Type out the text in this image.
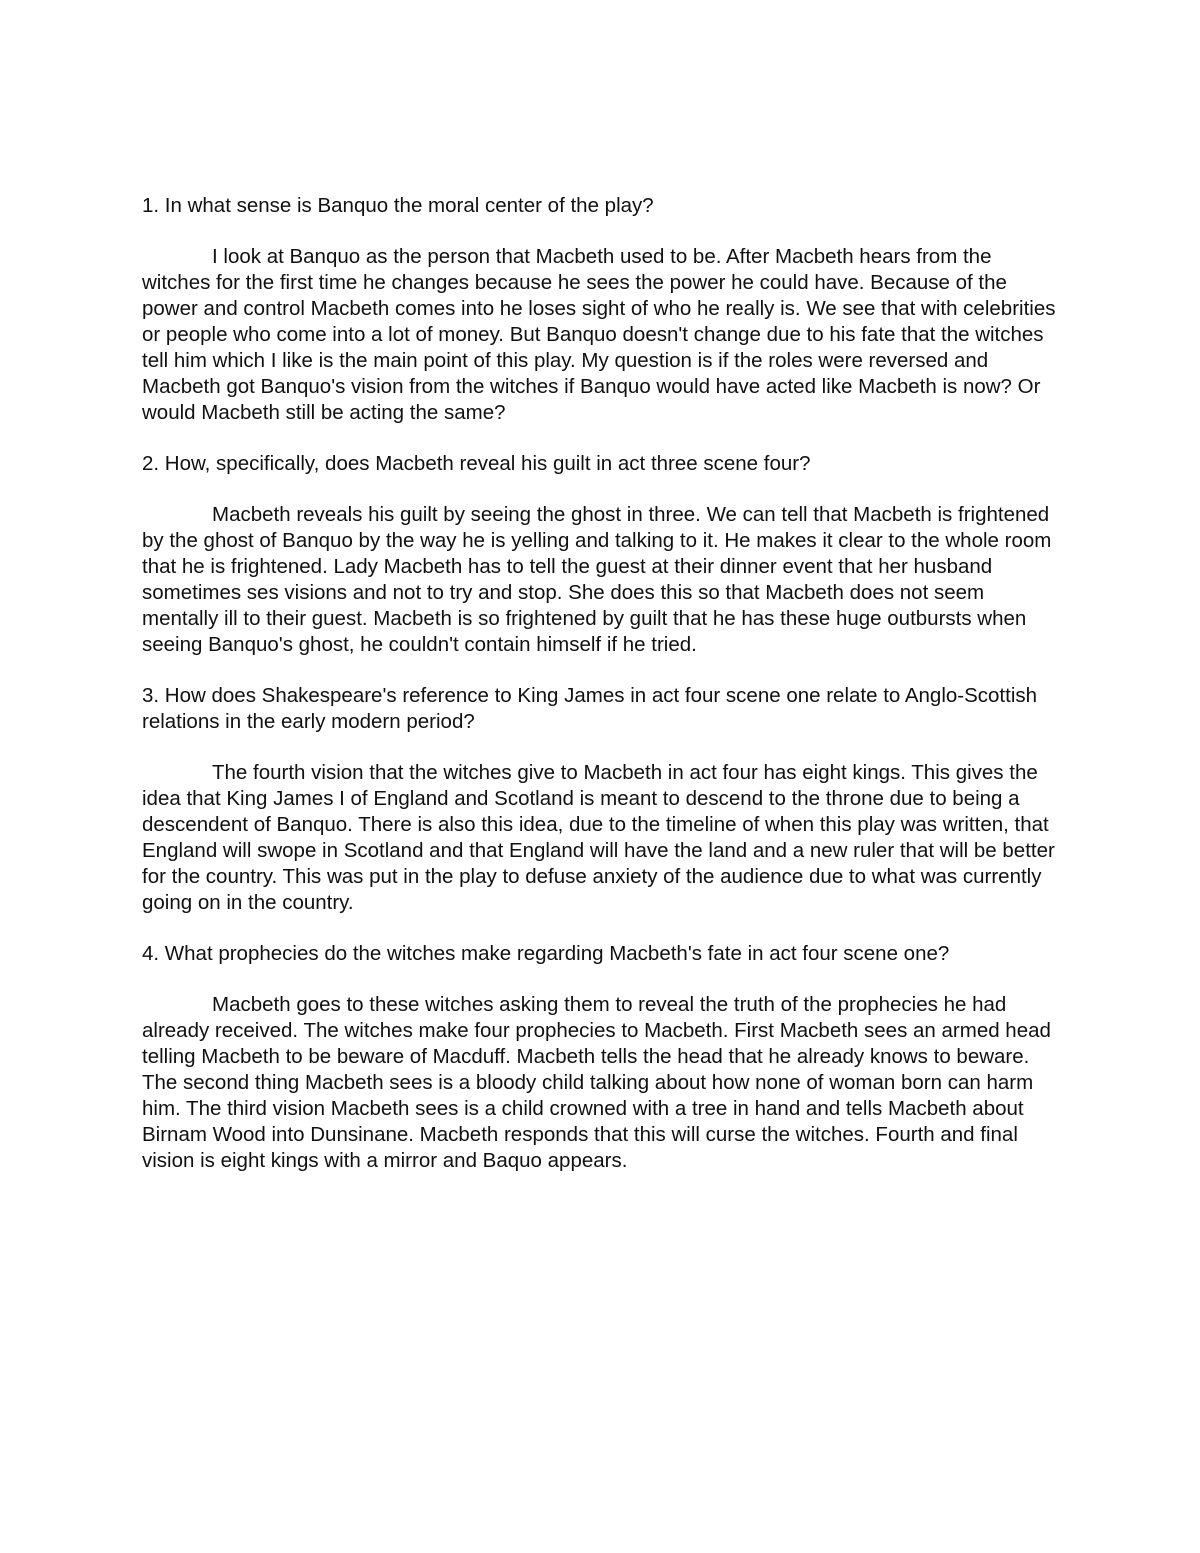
1. In what sense is Banquo the moral center of the play?

I look at Banquo as the person that Macbeth used to be. After Macbeth hears from the witches for the first time he changes because he sees the power he could have. Because of the power and control Macbeth comes into he loses sight of who he really is. We see that with celebrities or people who come into a lot of money. But Banquo doesn't change due to his fate that the witches tell him which I like is the main point of this play. My question is if the roles were reversed and Macbeth got Banquo's vision from the witches if Banquo would have acted like Macbeth is now? Or would Macbeth still be acting the same?

2. How, specifically, does Macbeth reveal his guilt in act three scene four?

Macbeth reveals his guilt by seeing the ghost in three. We can tell that Macbeth is frightened by the ghost of Banquo by the way he is yelling and talking to it. He makes it clear to the whole room that he is frightened. Lady Macbeth has to tell the guest at their dinner event that her husband sometimes ses visions and not to try and stop. She does this so that Macbeth does not seem mentally ill to their guest. Macbeth is so frightened by guilt that he has these huge outbursts when seeing Banquo's ghost, he couldn't contain himself if he tried.

3. How does Shakespeare's reference to King James in act four scene one relate to Anglo-Scottish relations in the early modern period?

The fourth vision that the witches give to Macbeth in act four has eight kings. This gives the idea that King James I of England and Scotland is meant to descend to the throne due to being a descendent of Banquo. There is also this idea, due to the timeline of when this play was written, that England will swope in Scotland and that England will have the land and a new ruler that will be better for the country. This was put in the play to defuse anxiety of the audience due to what was currently going on in the country.

4. What prophecies do the witches make regarding Macbeth's fate in act four scene one?

Macbeth goes to these witches asking them to reveal the truth of the prophecies he had already received. The witches make four prophecies to Macbeth. First Macbeth sees an armed head telling Macbeth to be beware of Macduff. Macbeth tells the head that he already knows to beware. The second thing Macbeth sees is a bloody child talking about how none of woman born can harm him. The third vision Macbeth sees is a child crowned with a tree in hand and tells Macbeth about Birnam Wood into Dunsinane. Macbeth responds that this will curse the witches. Fourth and final vision is eight kings with a mirror and Baquo appears.
